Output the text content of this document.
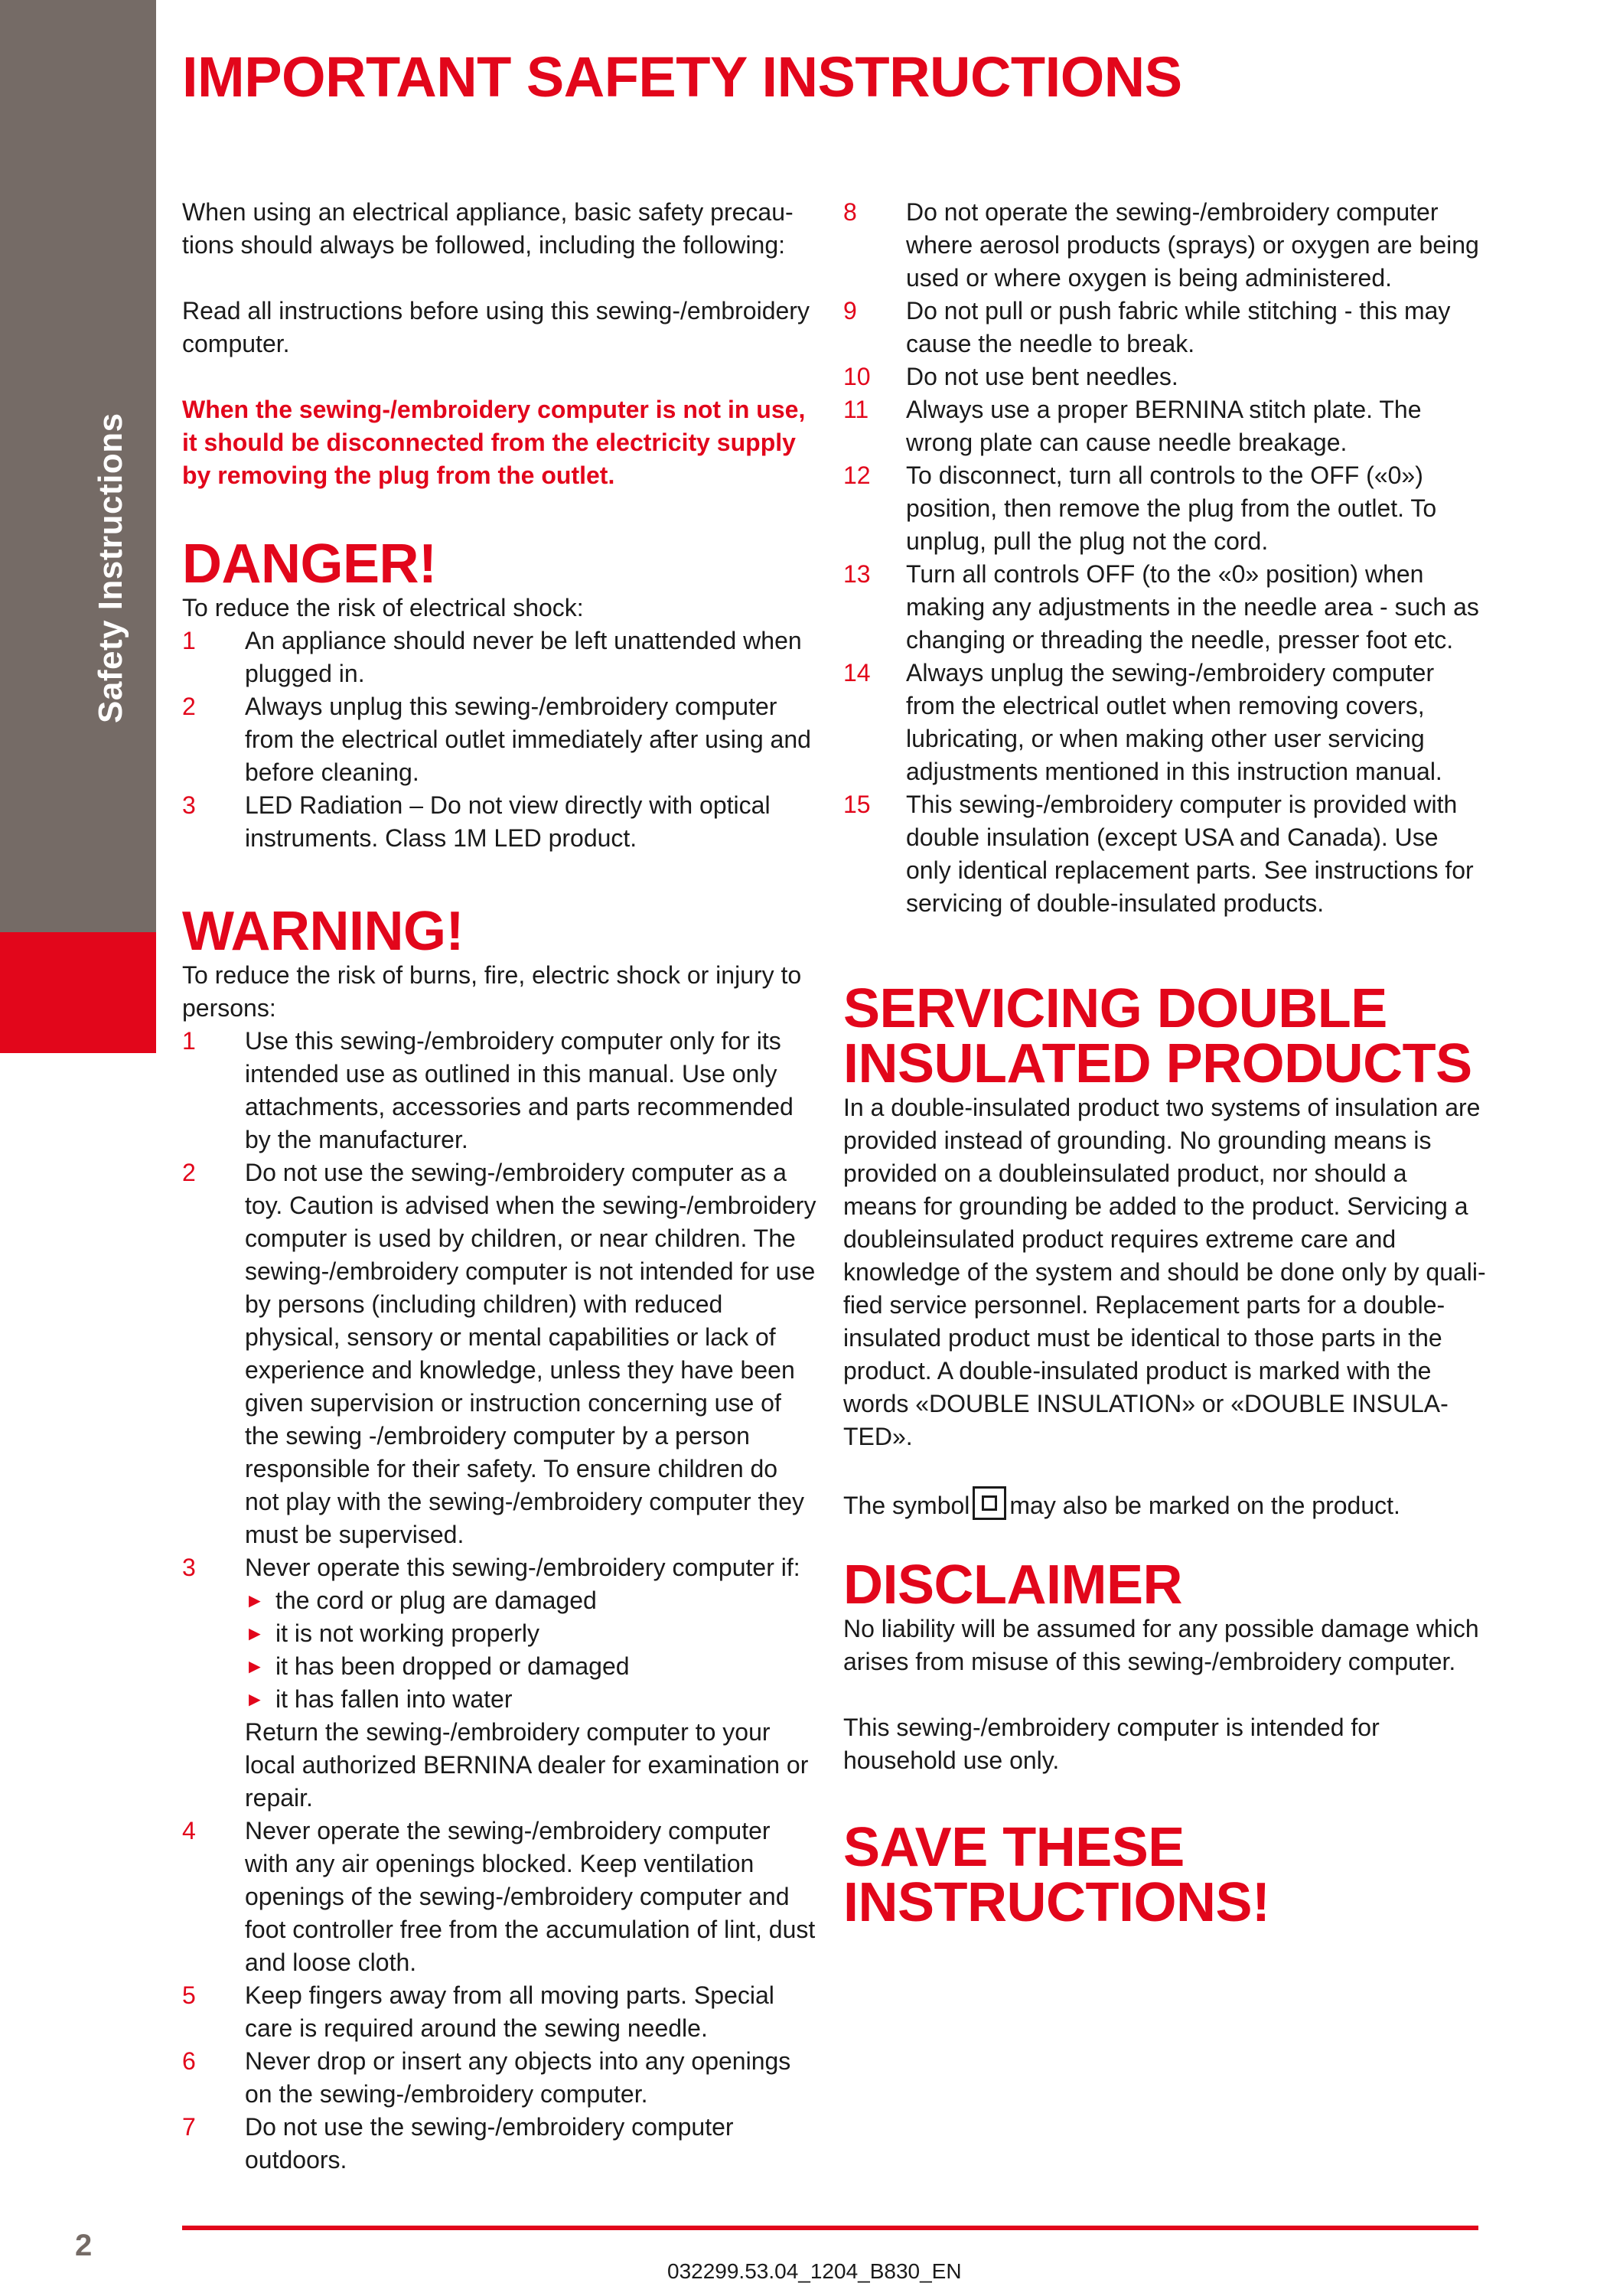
Safety Instructions
IMPORTANT SAFETY INSTRUCTIONS

When using an electrical appliance, basic safety precau-tions should always be followed, including the following:

Read all instructions before using this sewing-/embroidery computer.

When the sewing-/embroidery computer is not in use, it should be disconnected from the electricity supply by removing the plug from the outlet.

DANGER!

To reduce the risk of electrical shock:

1 An appliance should never be left unattended when plugged in.
2 Always unplug this sewing-/embroidery computer from the electrical outlet immediately after using and before cleaning.
3 LED Radiation – Do not view directly with optical instruments. Class 1M LED product.
WARNING!

To reduce the risk of burns, fire, electric shock or injury to persons:

1 Use this sewing-/embroidery computer only for its intended use as outlined in this manual. Use only attachments, accessories and parts recommended by the manufacturer.
2 Do not use the sewing-/embroidery computer as a toy. Caution is advised when the sewing-/embroidery computer is used by children, or near children. The sewing-/embroidery computer is not intended for use by persons (including children) with reduced physical, sensory or mental capabilities or lack of experience and knowledge, unless they have been given supervision or instruction concerning use of the sewing -/embroidery computer by a person responsible for their safety. To ensure children do not play with the sewing-/embroidery computer they must be supervised.
3 Never operate this sewing-/embroidery computer if:
► the cord or plug are damaged
► it is not working properly
► it has been dropped or damaged
► it has fallen into water
Return the sewing-/embroidery computer to your local authorized BERNINA dealer for examination or repair.
4 Never operate the sewing-/embroidery computer with any air openings blocked. Keep ventilation openings of the sewing-/embroidery computer and foot controller free from the accumulation of lint, dust and loose cloth.
5 Keep fingers away from all moving parts. Special care is required around the sewing needle.
6 Never drop or insert any objects into any openings on the sewing-/embroidery computer.
7 Do not use the sewing-/embroidery computer outdoors.
8 Do not operate the sewing-/embroidery computer where aerosol products (sprays) or oxygen are being used or where oxygen is being administered.
9 Do not pull or push fabric while stitching - this may cause the needle to break.
10 Do not use bent needles.
11 Always use a proper BERNINA stitch plate. The wrong plate can cause needle breakage.
12 To disconnect, turn all controls to the OFF («0») position, then remove the plug from the outlet. To unplug, pull the plug not the cord.
13 Turn all controls OFF (to the «0» position) when making any adjustments in the needle area - such as changing or threading the needle, presser foot etc.
14 Always unplug the sewing-/embroidery computer from the electrical outlet when removing covers, lubricating, or when making other user servicing adjustments mentioned in this instruction manual.
15 This sewing-/embroidery computer is provided with double insulation (except USA and Canada). Use only identical replacement parts. See instructions for servicing of double-insulated products.
SERVICING DOUBLE
INSULATED PRODUCTS

In a double-insulated product two systems of insulation are provided instead of grounding. No grounding means is provided on a doubleinsulated product, nor should a means for grounding be added to the product. Servicing a doubleinsulated product requires extreme care and knowledge of the system and should be done only by quali-fied service personnel. Replacement parts for a double-insulated product must be identical to those parts in the product. A double-insulated product is marked with the words «DOUBLE INSULATION» or «DOUBLE INSULA-TED».

The symbol may also be marked on the product.

DISCLAIMER

No liability will be assumed for any possible damage which arises from misuse of this sewing-/embroidery computer.

This sewing-/embroidery computer is intended for household use only.

SAVE THESE
INSTRUCTIONS!
2
032299.53.04_1204_B830_EN
